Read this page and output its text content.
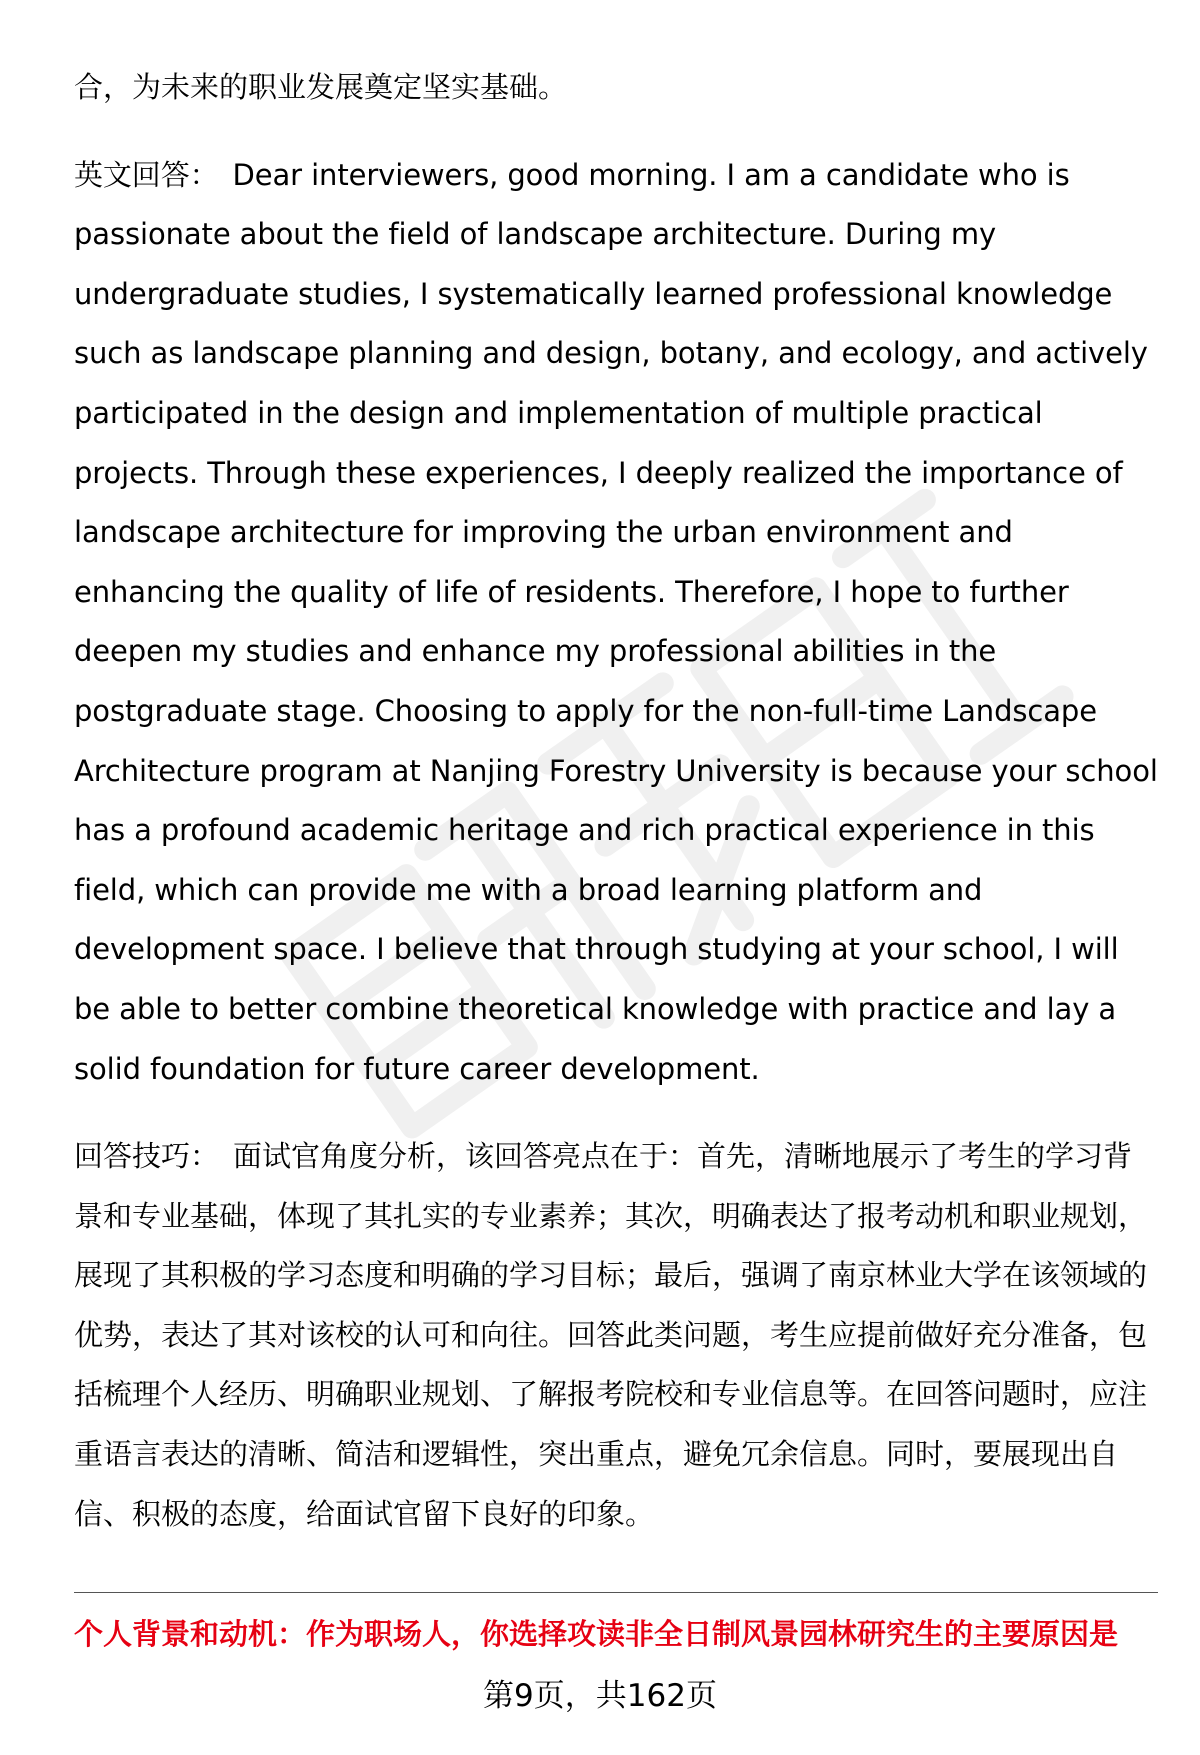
合，为未来的职业发展奠定坚实基础。

英文回答： Dear interviewers, good morning. I am a candidate who is passionate about the field of landscape architecture. During my undergraduate studies, I systematically learned professional knowledge such as landscape planning and design, botany, and ecology, and actively participated in the design and implementation of multiple practical projects. Through these experiences, I deeply realized the importance of landscape architecture for improving the urban environment and enhancing the quality of life of residents. Therefore, I hope to further deepen my studies and enhance my professional abilities in the postgraduate stage. Choosing to apply for the non-full-time Landscape Architecture program at Nanjing Forestry University is because your school has a profound academic heritage and rich practical experience in this field, which can provide me with a broad learning platform and development space. I believe that through studying at your school, I will be able to better combine theoretical knowledge with practice and lay a solid foundation for future career development.

回答技巧： 面试官角度分析，该回答亮点在于：首先，清晰地展示了考生的学习背景和专业基础，体现了其扎实的专业素养；其次，明确表达了报考动机和职业规划，展现了其积极的学习态度和明确的学习目标；最后，强调了南京林业大学在该领域的优势，表达了其对该校的认可和向往。回答此类问题，考生应提前做好充分准备，包括梳理个人经历、明确职业规划、了解报考院校和专业信息等。在回答问题时，应注重语言表达的清晰、简洁和逻辑性，突出重点，避免冗余信息。同时，要展现出自信、积极的态度，给面试官留下良好的印象。

个人背景和动机：作为职场人，你选择攻读非全日制风景园林研究生的主要原因是
第9页，共162页
